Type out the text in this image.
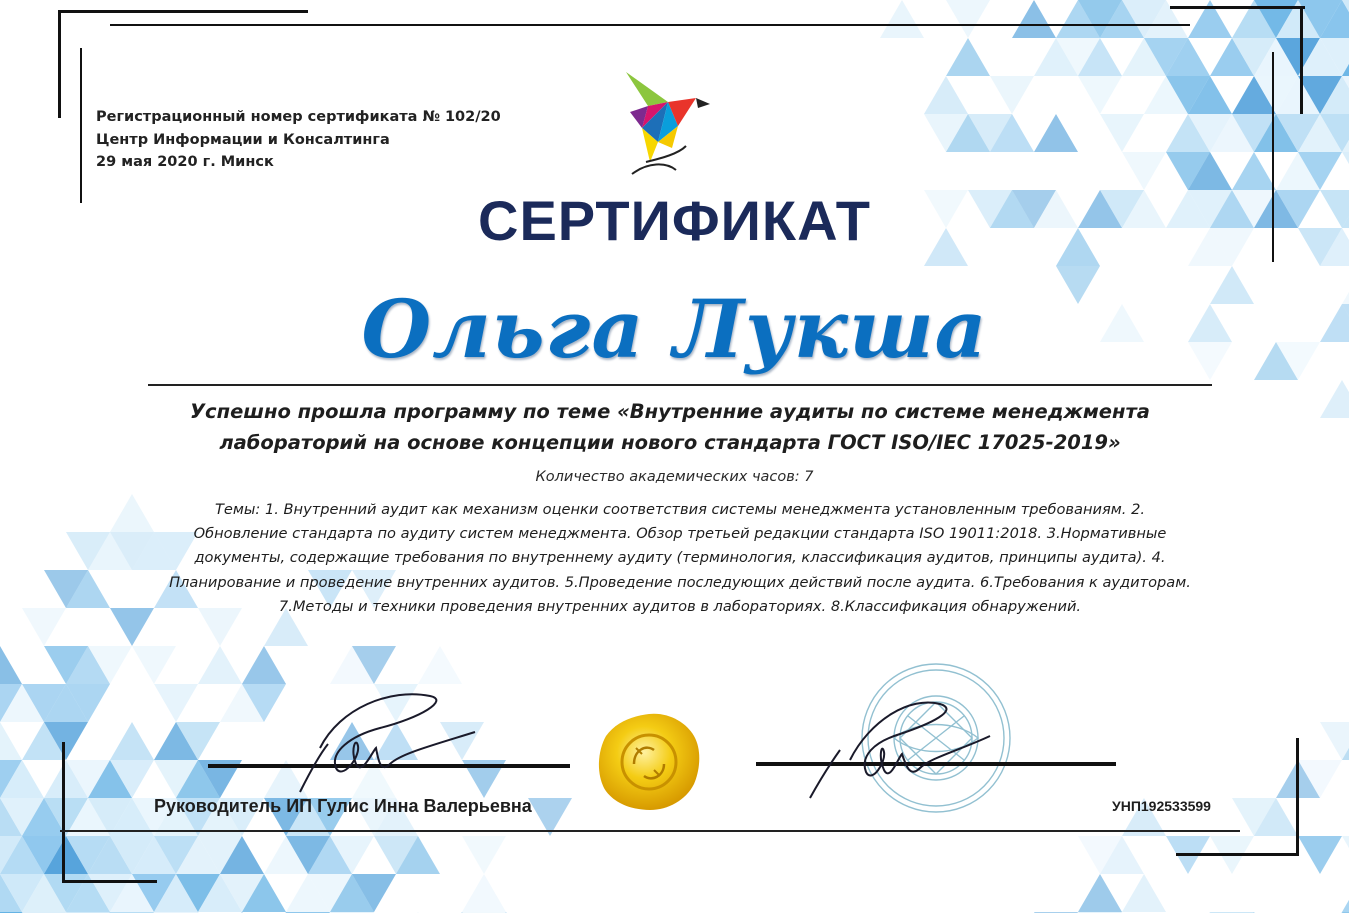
Регистрационный номер сертификата № 102/20
Центр Информации и Консалтинга
29 мая 2020 г. Минск
СЕРТИФИКАТ
Ольга Лукша
Успешно прошла программу по теме «Внутренние аудиты по системе менеджмента
лабораторий на основе концепции нового стандарта ГОСТ ISO/IEC 17025-2019»
Количество академических часов: 7
Темы: 1. Внутренний аудит как механизм оценки соответствия системы менеджмента установленным требованиям. 2.
Обновление стандарта по аудиту систем менеджмента. Обзор третьей редакции стандарта ISO 19011:2018. 3.Нормативные
документы, содержащие требования по внутреннему аудиту (терминология, классификация аудитов, принципы аудита). 4.
Планирование и проведение внутренних аудитов. 5.Проведение последующих действий после аудита. 6.Требования к аудиторам.
7.Методы и техники проведения внутренних аудитов в лабораториях. 8.Классификация обнаружений.
Руководитель ИП Гулис Инна Валерьевна	УНП192533599
